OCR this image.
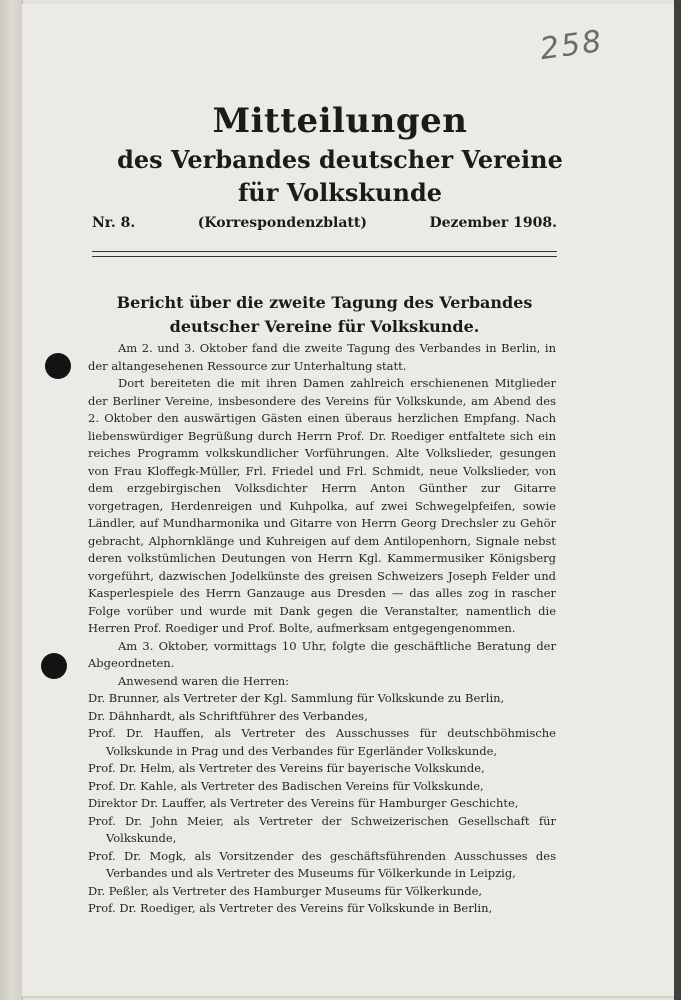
258
Mitteilungen
des Verbandes deutscher Vereine
für Volkskunde
Nr. 8.	(Korrespondenzblatt)	Dezember 1908.
Bericht über die zweite Tagung des Verbandes
deutscher Vereine für Volkskunde.

Am 2. und 3. Oktober fand die zweite Tagung des Verbandes in Berlin, in der altangesehenen Ressource zur Unterhaltung statt.

Dort bereiteten die mit ihren Damen zahlreich erschienenen Mitglieder der Berliner Vereine, insbesondere des Vereins für Volkskunde, am Abend des 2. Oktober den auswärtigen Gästen einen überaus herzlichen Empfang. Nach liebenswürdiger Begrüßung durch Herrn Prof. Dr. Roediger entfaltete sich ein reiches Programm volkskundlicher Vorführungen. Alte Volkslieder, gesungen von Frau Kloffegk-Müller, Frl. Friedel und Frl. Schmidt, neue Volkslieder, von dem erzgebirgischen Volksdichter Herrn Anton Günther zur Gitarre vorgetragen, Herdenreigen und Kuhpolka, auf zwei Schwegelpfeifen, sowie Ländler, auf Mundharmonika und Gitarre von Herrn Georg Drechsler zu Gehör gebracht, Alphornklänge und Kuhreigen auf dem Antilopenhorn, Signale nebst deren volkstümlichen Deutungen von Herrn Kgl. Kammermusiker Königsberg vorgeführt, dazwischen Jodelkünste des greisen Schweizers Joseph Felder und Kasperlespiele des Herrn Ganzauge aus Dresden — das alles zog in rascher Folge vorüber und wurde mit Dank gegen die Veranstalter, namentlich die Herren Prof. Roediger und Prof. Bolte, aufmerksam entgegengenommen.

Am 3. Oktober, vormittags 10 Uhr, folgte die geschäftliche Beratung der Abgeordneten.

Anwesend waren die Herren:

Dr. Brunner, als Vertreter der Kgl. Sammlung für Volkskunde zu Berlin,
Dr. Dähnhardt, als Schriftführer des Verbandes,
Prof. Dr. Hauffen, als Vertreter des Ausschusses für deutschböhmische Volkskunde in Prag und des Verbandes für Egerländer Volkskunde,
Prof. Dr. Helm, als Vertreter des Vereins für bayerische Volkskunde,
Prof. Dr. Kahle, als Vertreter des Badischen Vereins für Volkskunde,
Direktor Dr. Lauffer, als Vertreter des Vereins für Hamburger Geschichte,
Prof. Dr. John Meier, als Vertreter der Schweizerischen Gesellschaft für Volkskunde,
Prof. Dr. Mogk, als Vorsitzender des geschäftsführenden Ausschusses des Verbandes und als Vertreter des Museums für Völkerkunde in Leipzig,
Dr. Peßler, als Vertreter des Hamburger Museums für Völkerkunde,
Prof. Dr. Roediger, als Vertreter des Vereins für Volkskunde in Berlin,
